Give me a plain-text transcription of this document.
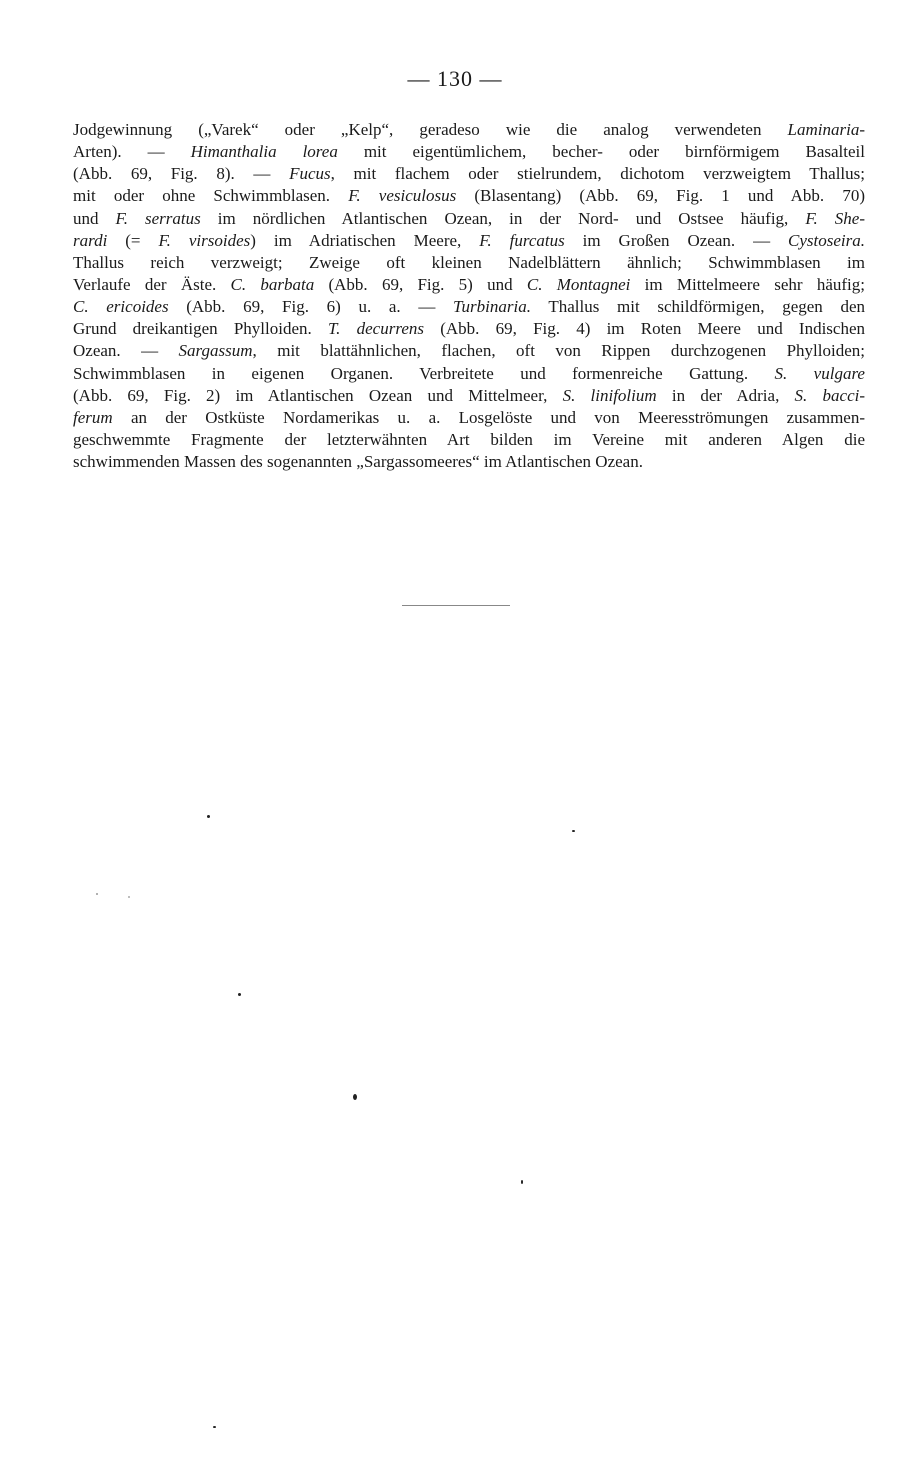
— 130 —
Jodgewinnung („Varek“ oder „Kelp“, geradeso wie die analog verwendeten Laminaria-
Arten). — Himanthalia lorea mit eigentümlichem, becher- oder birnförmigem Basalteil
(Abb. 69, Fig. 8). — Fucus, mit flachem oder stielrundem, dichotom verzweigtem Thallus;
mit oder ohne Schwimmblasen. F. vesiculosus (Blasentang) (Abb. 69, Fig. 1 und Abb. 70)
und F. serratus im nördlichen Atlantischen Ozean, in der Nord- und Ostsee häufig, F. She-
rardi (= F. virsoides) im Adriatischen Meere, F. furcatus im Großen Ozean. — Cystoseira.
Thallus reich verzweigt; Zweige oft kleinen Nadelblättern ähnlich; Schwimmblasen im
Verlaufe der Äste. C. barbata (Abb. 69, Fig. 5) und C. Montagnei im Mittelmeere sehr häufig;
C. ericoides (Abb. 69, Fig. 6) u. a. — Turbinaria. Thallus mit schildförmigen, gegen den
Grund dreikantigen Phylloiden. T. decurrens (Abb. 69, Fig. 4) im Roten Meere und Indischen
Ozean. — Sargassum, mit blattähnlichen, flachen, oft von Rippen durchzogenen Phylloiden;
Schwimmblasen in eigenen Organen. Verbreitete und formenreiche Gattung. S. vulgare
(Abb. 69, Fig. 2) im Atlantischen Ozean und Mittelmeer, S. linifolium in der Adria, S. bacci-
ferum an der Ostküste Nordamerikas u. a. Losgelöste und von Meeresströmungen zusammen-
geschwemmte Fragmente der letzterwähnten Art bilden im Vereine mit anderen Algen die
schwimmenden Massen des sogenannten „Sargassomeeres“ im Atlantischen Ozean.
